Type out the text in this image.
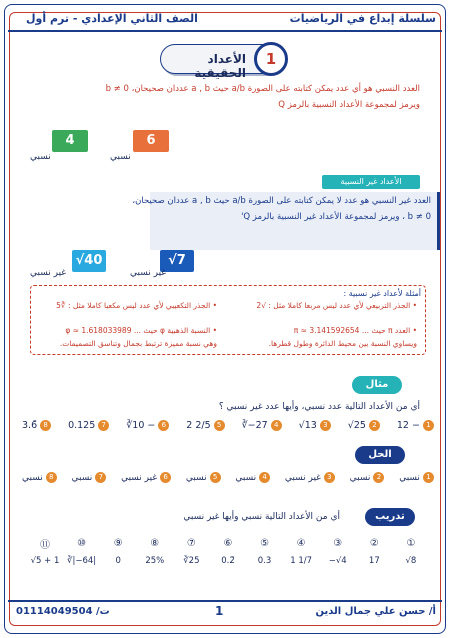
سلسلة إبداع في الرياضيات
الصف الثاني الإعدادي - ترم أول
1
الأعداد الحقيقية
العدد النسبي هو أي عدد يمكن كتابته على الصورة a/b حيث a , b عددان صحيحان، b ≠ 0
ويرمز لمجموعة الأعداد النسبية بالرمز Q
6
نسبي
4
نسبي
الأعداد غير النسبية
العدد غير النسبي هو عدد لا يمكن كتابته على الصورة a/b حيث a , b عددان صحيحان،
b ≠ 0 ، ويرمز لمجموعة الأعداد غير النسبية بالرمز Q'
√7
غير نسبي
√40
غير نسبي
أمثلة لأعداد غير نسبية :
• الجذر التربيعي لأي عدد ليس مربعا كاملا مثل : √2
• الجذر التكعيبي لأي عدد ليس مكعبا كاملا مثل : ∛5
• العدد π حيث ... π ≈ 3.141592654
ويساوي النسبة بين محيط الدائرة وطول قطرها.
• النسبة الذهبية φ حيث ... φ ≈ 1.618033989
وهي نسبة مميزة ترتبط بجمال وتناسق التصميمات.
مثال
أي من الأعداد التالية عدد نسبي، وأيها عدد غير نسبي ؟
1
12 −
2
√25
3
√13
4
∛−27
5
2 2/5
6
∛10 −
7
0.125
8
3.6̄
الحل
1
نسبي
2
نسبي
3
غير نسبي
4
نسبي
5
نسبي
6
غير نسبي
7
نسبي
8
نسبي
تدريب
أي من الأعداد التالية نسبي وأيها غير نسبي
①
②
③
④
⑤
⑥
⑦
⑧
⑨
⑩
⑪
√8
17
−√4
1 1/7
0.3
0.2̄
∛25
25%
0
∛|−64|
√5 + 1
أ/ حسن علي جمال الدين
1
ت/ 01114049504
